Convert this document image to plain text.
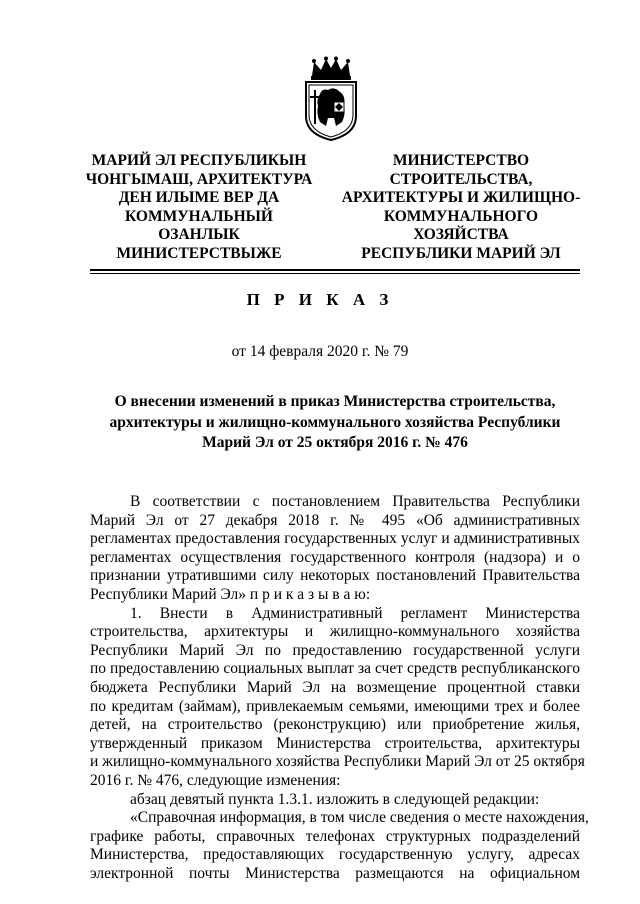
МАРИЙ ЭЛ РЕСПУБЛИКЫН
ЧОНГЫМАШ, АРХИТЕКТУРА
ДЕН ИЛЫМЕ ВЕР ДА
КОММУНАЛЬНЫЙ
ОЗАНЛЫК
МИНИСТЕРСТВЫЖЕ
МИНИСТЕРСТВО
СТРОИТЕЛЬСТВА,
АРХИТЕКТУРЫ И ЖИЛИЩНО-
КОММУНАЛЬНОГО
ХОЗЯЙСТВА
РЕСПУБЛИКИ МАРИЙ ЭЛ
П Р И К А З
от 14 февраля 2020 г. № 79
О внесении изменений в приказ Министерства строительства,
архитектуры и жилищно-коммунального хозяйства Республики
Марий Эл от 25 октября 2016 г. № 476
В соответствии с постановлением Правительства Республики
Марий Эл от 27 декабря 2018 г. № 495 «Об административных
регламентах предоставления государственных услуг и административных
регламентах осуществления государственного контроля (надзора) и о
признании утратившими силу некоторых постановлений Правительства
Республики Марий Эл» п р и к а з ы в а ю:
1. Внести в Административный регламент Министерства
строительства, архитектуры и жилищно-коммунального хозяйства
Республики Марий Эл по предоставлению государственной услуги
по предоставлению социальных выплат за счет средств республиканского
бюджета Республики Марий Эл на возмещение процентной ставки
по кредитам (займам), привлекаемым семьями, имеющими трех и более
детей, на строительство (реконструкцию) или приобретение жилья,
утвержденный приказом Министерства строительства, архитектуры
и жилищно-коммунального хозяйства Республики Марий Эл от 25 октября
2016 г. № 476, следующие изменения:
абзац девятый пункта 1.3.1. изложить в следующей редакции:
«Справочная информация, в том числе сведения о месте нахождения,
графике работы, справочных телефонах структурных подразделений
Министерства, предоставляющих государственную услугу, адресах
электронной почты Министерства размещаются на официальном
